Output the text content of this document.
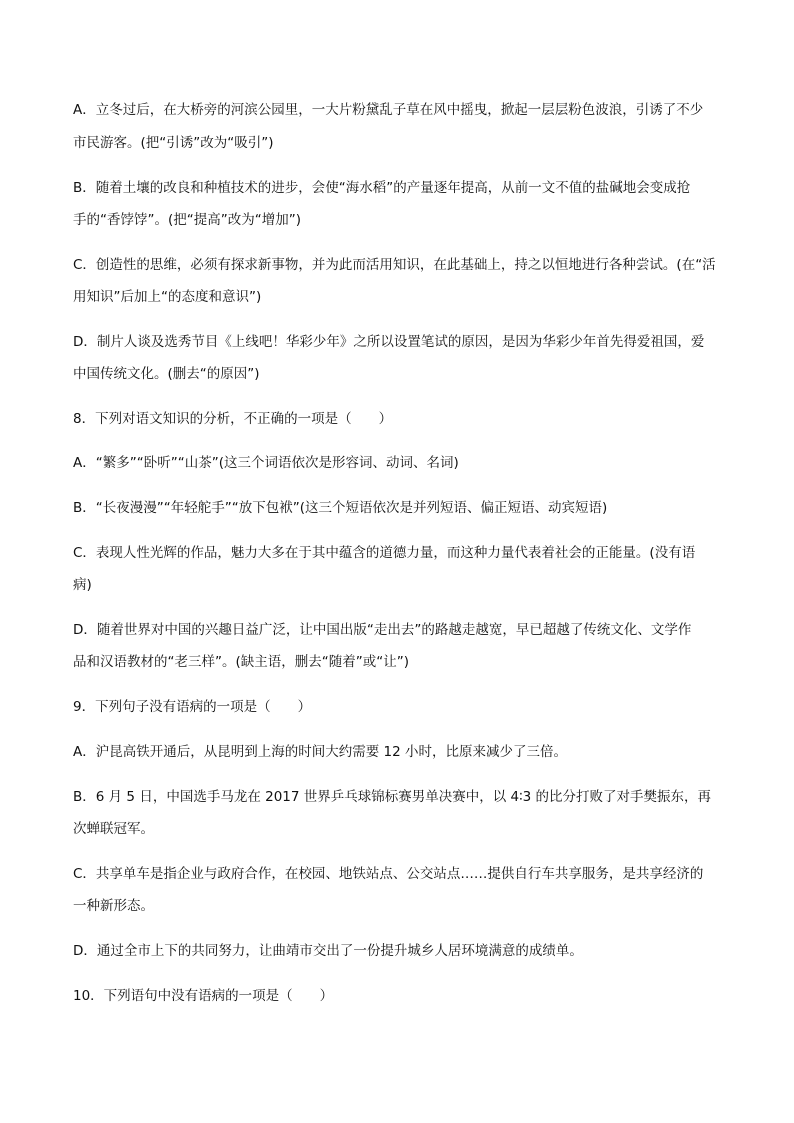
A．立冬过后，在大桥旁的河滨公园里，一大片粉黛乱子草在风中摇曳，掀起一层层粉色波浪，引诱了不少
市民游客。(把“引诱”改为“吸引”)
B．随着土壤的改良和种植技术的进步，会使“海水稻”的产量逐年提高，从前一文不值的盐碱地会变成抢
手的“香饽饽”。(把“提高”改为“增加”)
C．创造性的思维，必须有探求新事物，并为此而活用知识，在此基础上，持之以恒地进行各种尝试。(在“活
用知识”后加上“的态度和意识”)
D．制片人谈及选秀节目《上线吧！华彩少年》之所以设置笔试的原因，是因为华彩少年首先得爱祖国，爱
中国传统文化。(删去“的原因”)
8．下列对语文知识的分析，不正确的一项是（　　）
A．“繁多”“卧听”“山茶”(这三个词语依次是形容词、动词、名词)
B．“长夜漫漫”“年轻舵手”“放下包袱”(这三个短语依次是并列短语、偏正短语、动宾短语)
C．表现人性光辉的作品，魅力大多在于其中蕴含的道德力量，而这种力量代表着社会的正能量。(没有语
病)
D．随着世界对中国的兴趣日益广泛，让中国出版“走出去”的路越走越宽，早已超越了传统文化、文学作
品和汉语教材的“老三样”。(缺主语，删去“随着”或“让”)
9．下列句子没有语病的一项是（　　）
A．沪昆高铁开通后，从昆明到上海的时间大约需要 12 小时，比原来减少了三倍。
B．6 月 5 日，中国选手马龙在 2017 世界乒乓球锦标赛男单决赛中，以 4∶3 的比分打败了对手樊振东，再
次蝉联冠军。
C．共享单车是指企业与政府合作，在校园、地铁站点、公交站点……提供自行车共享服务，是共享经济的
一种新形态。
D．通过全市上下的共同努力，让曲靖市交出了一份提升城乡人居环境满意的成绩单。
10．下列语句中没有语病的一项是（　　）
